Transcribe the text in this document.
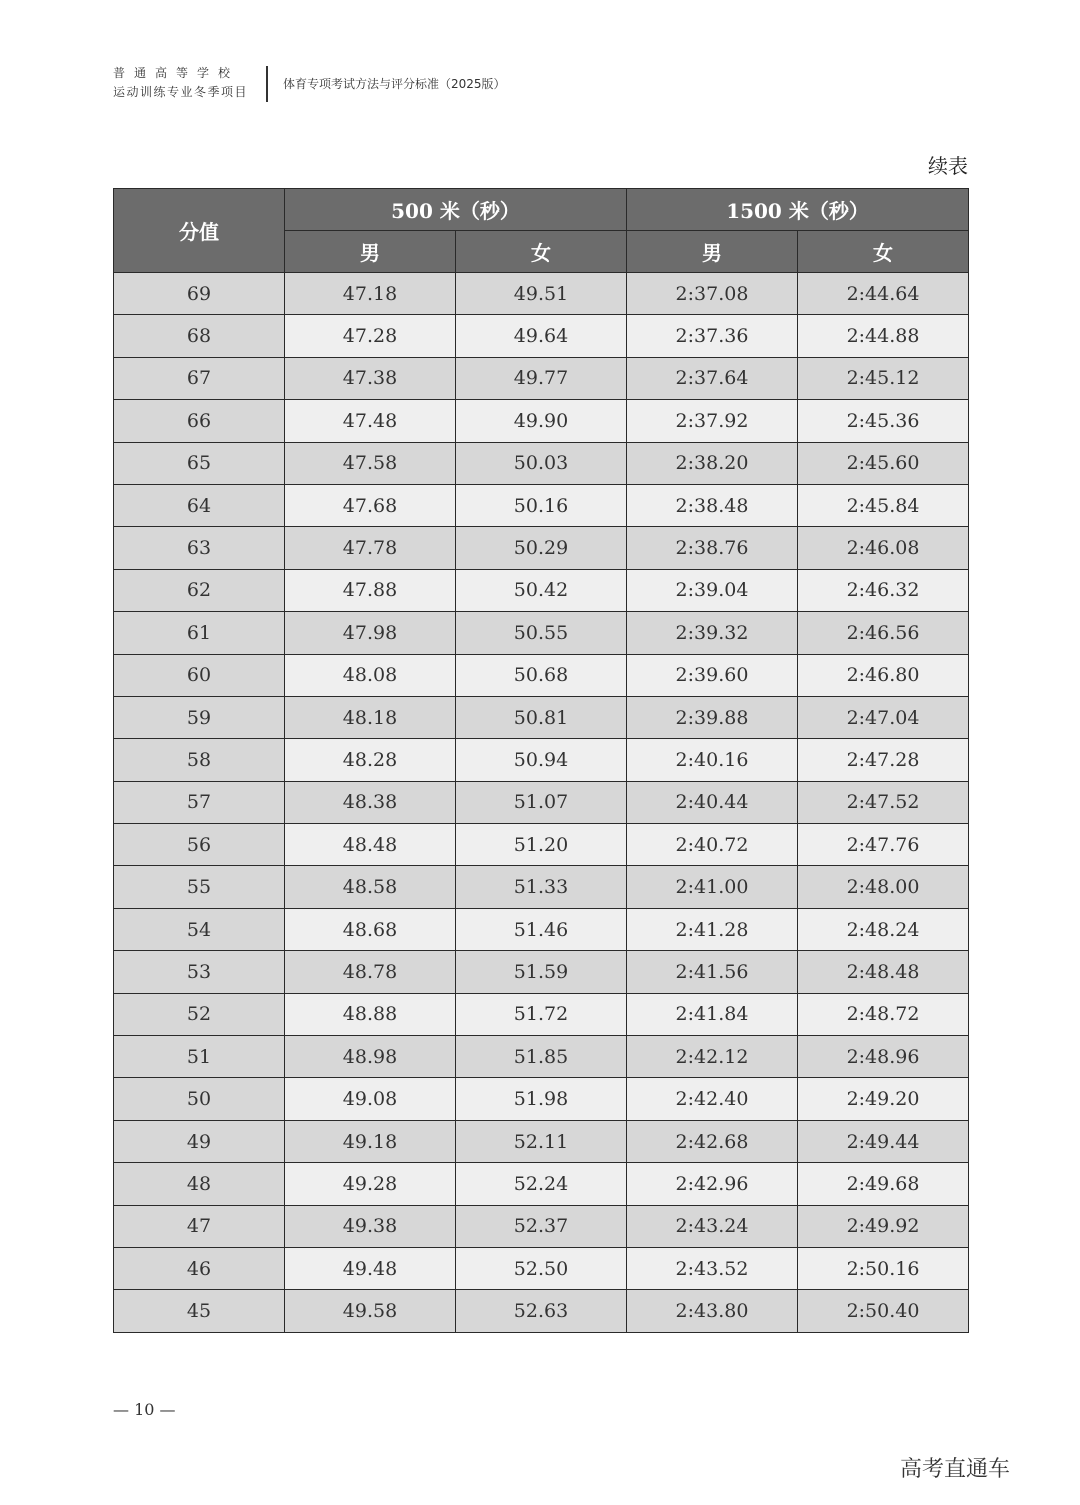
普通高等学校
运动训练专业冬季项目
体育专项考试方法与评分标准（2025版）
续表
分值	500 米（秒）		1500 米（秒）	
	男	女	男	女
69	47.18	49.51	2:37.08	2:44.64
68	47.28	49.64	2:37.36	2:44.88
67	47.38	49.77	2:37.64	2:45.12
66	47.48	49.90	2:37.92	2:45.36
65	47.58	50.03	2:38.20	2:45.60
64	47.68	50.16	2:38.48	2:45.84
63	47.78	50.29	2:38.76	2:46.08
62	47.88	50.42	2:39.04	2:46.32
61	47.98	50.55	2:39.32	2:46.56
60	48.08	50.68	2:39.60	2:46.80
59	48.18	50.81	2:39.88	2:47.04
58	48.28	50.94	2:40.16	2:47.28
57	48.38	51.07	2:40.44	2:47.52
56	48.48	51.20	2:40.72	2:47.76
55	48.58	51.33	2:41.00	2:48.00
54	48.68	51.46	2:41.28	2:48.24
53	48.78	51.59	2:41.56	2:48.48
52	48.88	51.72	2:41.84	2:48.72
51	48.98	51.85	2:42.12	2:48.96
50	49.08	51.98	2:42.40	2:49.20
49	49.18	52.11	2:42.68	2:49.44
48	49.28	52.24	2:42.96	2:49.68
47	49.38	52.37	2:43.24	2:49.92
46	49.48	52.50	2:43.52	2:50.16
45	49.58	52.63	2:43.80	2:50.40
— 10 —
高考直通车
